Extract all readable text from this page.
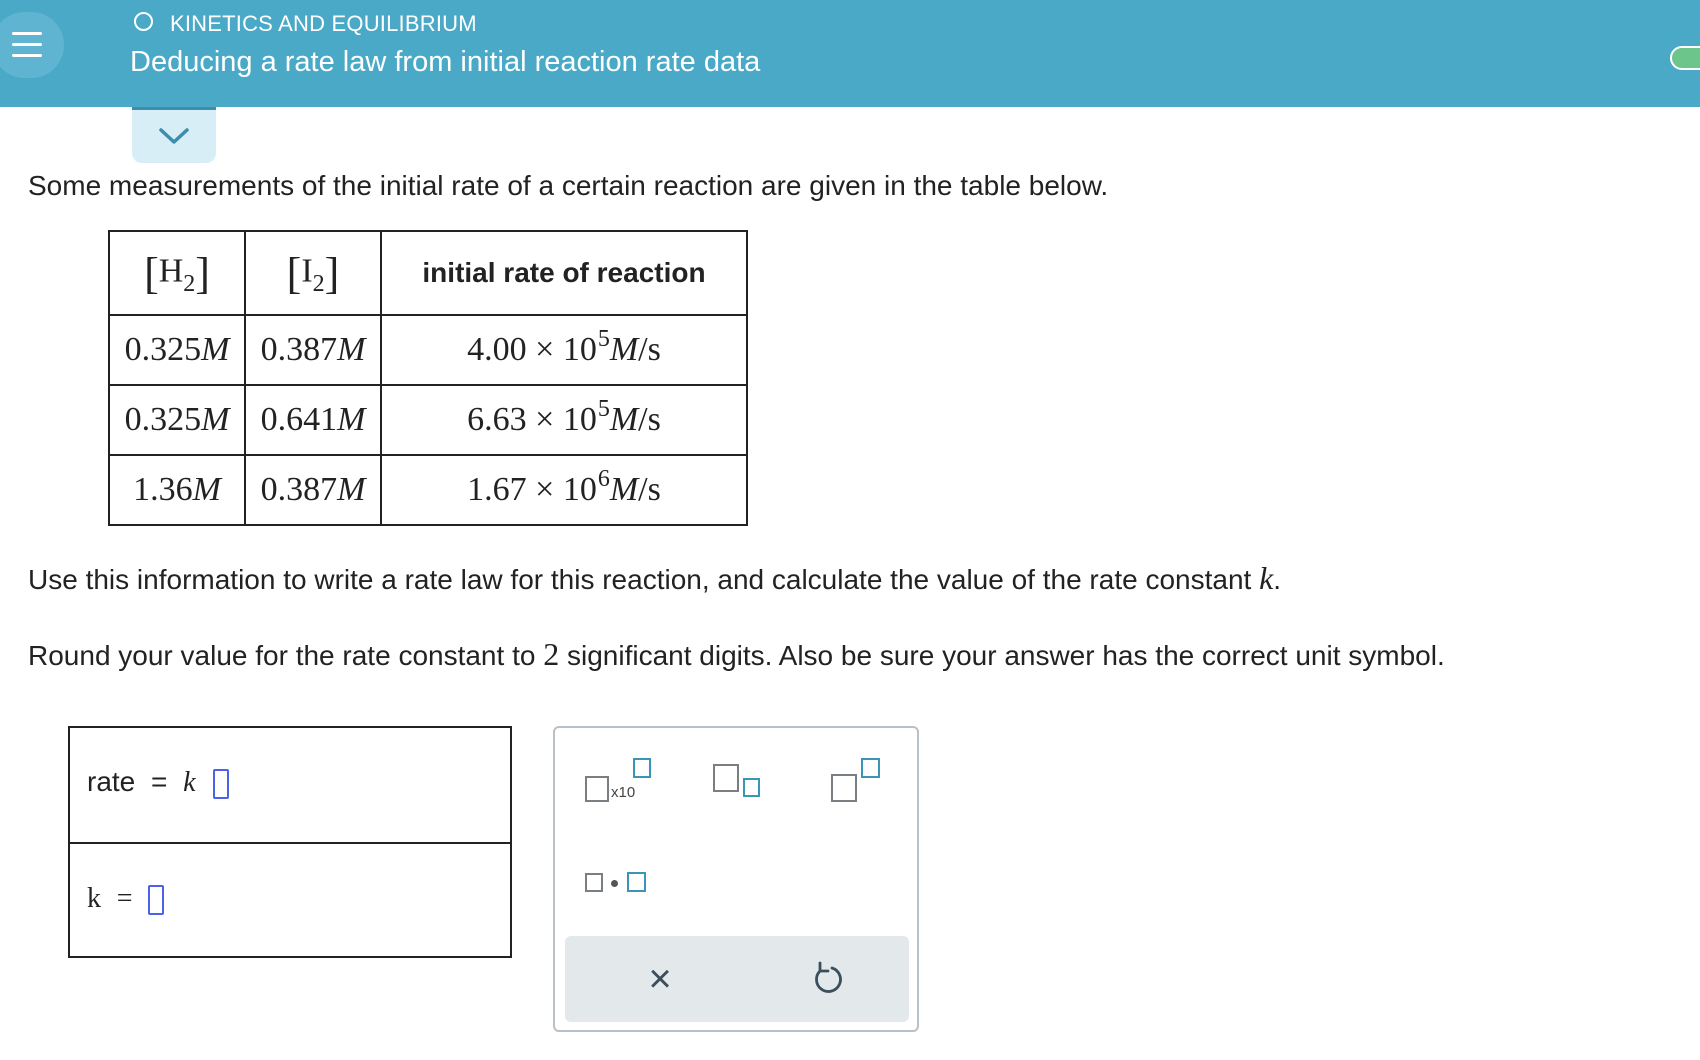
KINETICS AND EQUILIBRIUM
Deducing a rate law from initial reaction rate data
Some measurements of the initial rate of a certain reaction are given in the table below.
$[H_2]$	$[I_2]$	initial rate of reaction
0.325M	0.387M	$4.00 \times 10^5M/s$
0.325M	0.641M	$6.63 \times 10^5M/s$
1.36M	0.387M	$1.67 \times 10^6M/s$
Use this information to write a rate law for this reaction, and calculate the value of the rate constant k.
Round your value for the rate constant to 2 significant digits. Also be sure your answer has the correct unit symbol.
rate = k
k =
x10
×
